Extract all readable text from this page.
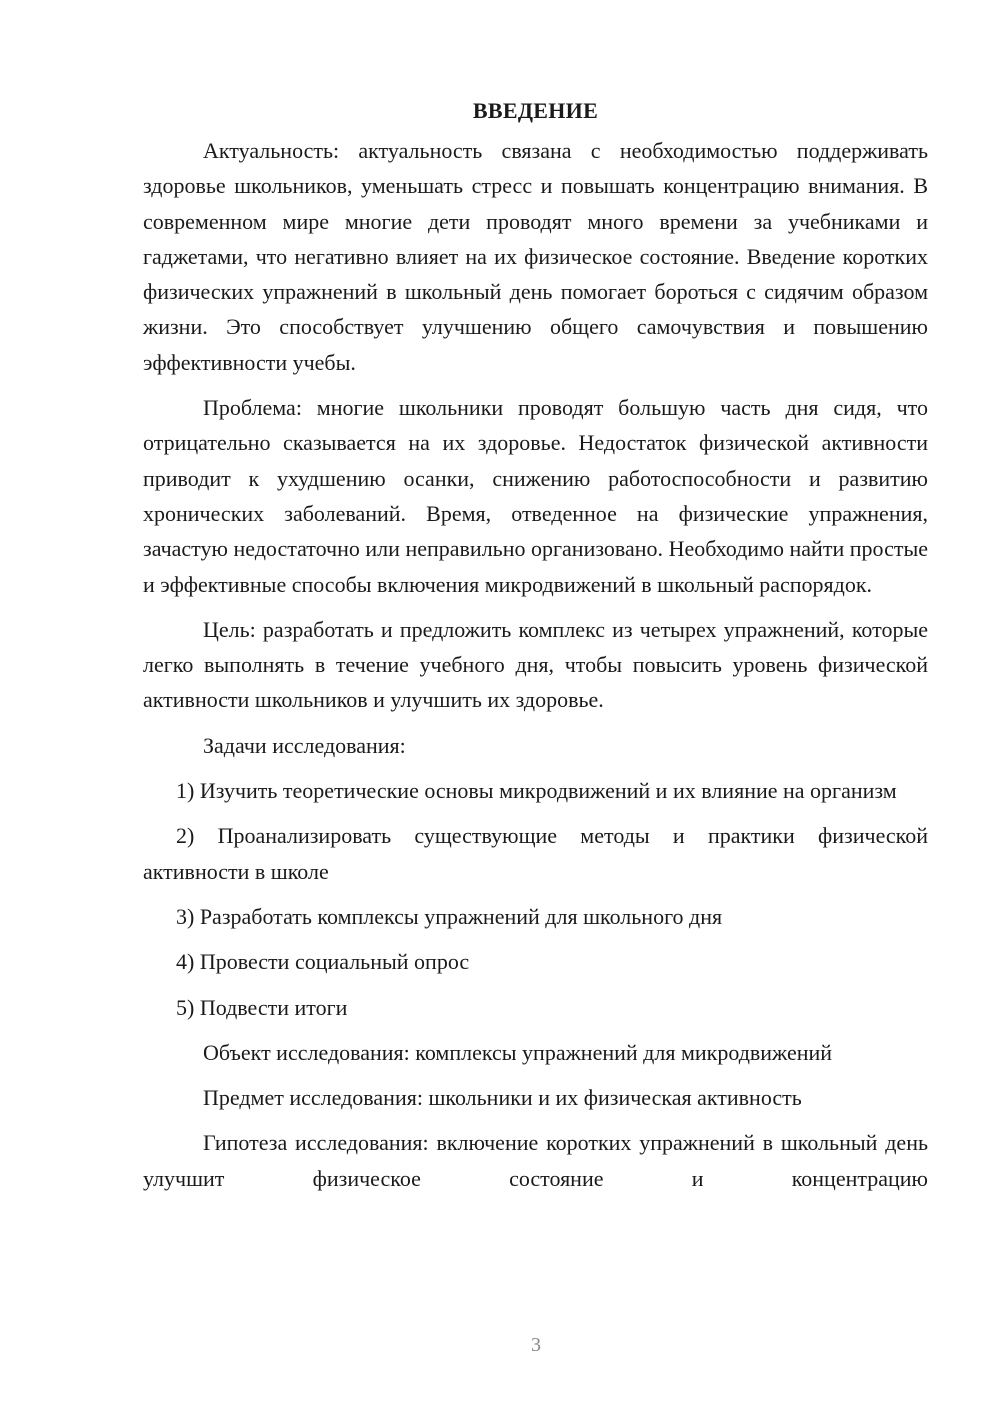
ВВЕДЕНИЕ

Актуальность: актуальность связана с необходимостью поддерживать здоровье школьников, уменьшать стресс и повышать концентрацию внимания. В современном мире многие дети проводят много времени за учебниками и гаджетами, что негативно влияет на их физическое состояние. Введение коротких физических упражнений в школьный день помогает бороться с сидячим образом жизни. Это способствует улучшению общего самочувствия и повышению эффективности учебы.

Проблема: многие школьники проводят большую часть дня сидя, что отрицательно сказывается на их здоровье. Недостаток физической активности приводит к ухудшению осанки, снижению работоспособности и развитию хронических заболеваний. Время, отведенное на физические упражнения, зачастую недостаточно или неправильно организовано. Необходимо найти простые и эффективные способы включения микродвижений в школьный распорядок.

Цель: разработать и предложить комплекс из четырех упражнений, которые легко выполнять в течение учебного дня, чтобы повысить уровень физической активности школьников и улучшить их здоровье.

Задачи исследования:

1) Изучить теоретические основы микродвижений и их влияние на организм

2) Проанализировать существующие методы и практики физической активности в школе

3) Разработать комплексы упражнений для школьного дня

4) Провести социальный опрос

5) Подвести итоги

Объект исследования: комплексы упражнений для микродвижений

Предмет исследования: школьники и их физическая активность

Гипотеза исследования: включение коротких упражнений в школьный день улучшит физическое состояние и концентрацию

3
